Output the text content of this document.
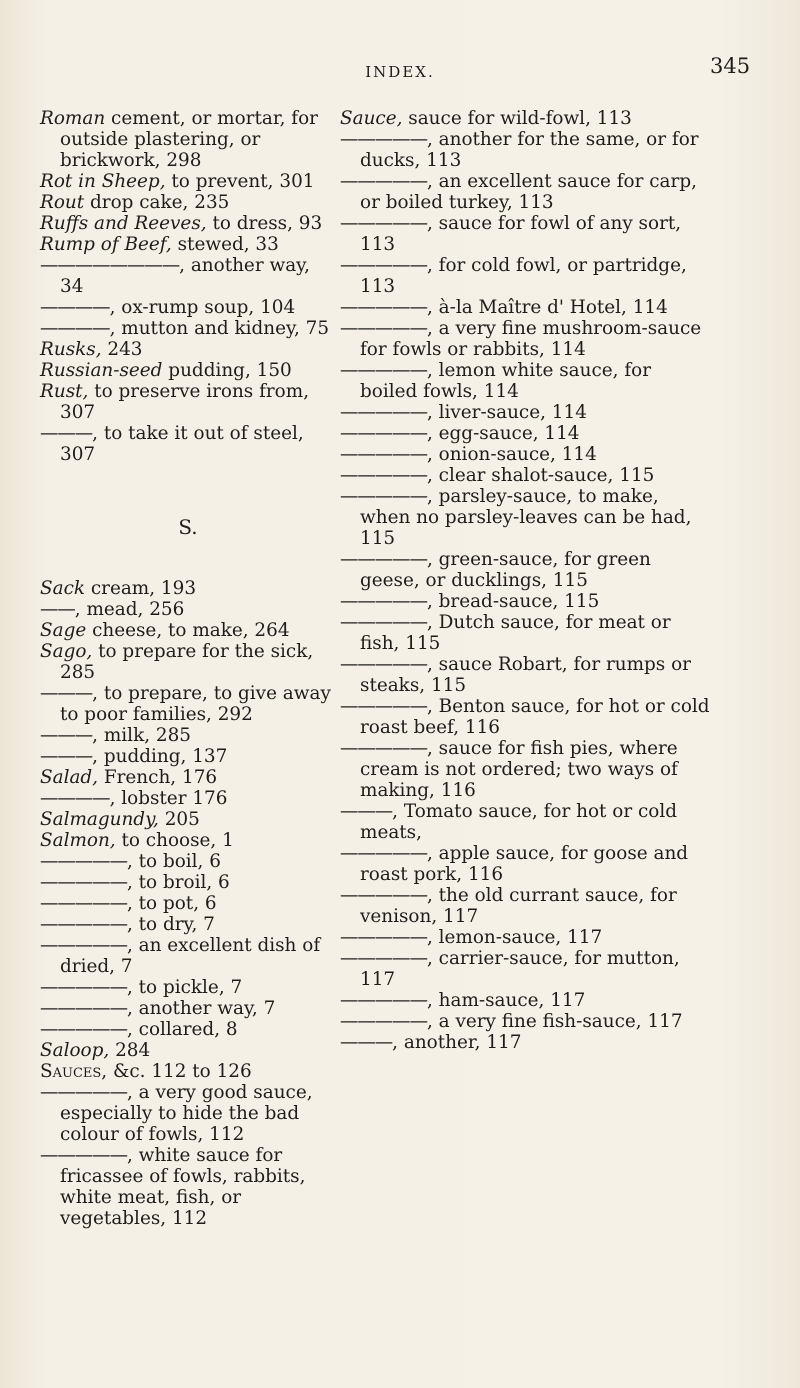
INDEX.	345

Roman cement, or mortar, for outside plastering, or brickwork, 298

Rot in Sheep, to prevent, 301

Rout drop cake, 235

Ruffs and Reeves, to dress, 93

Rump of Beef, stewed, 33

————————, another way, 34

————, ox-rump soup, 104

————, mutton and kidney, 75

Rusks, 243

Russian-seed pudding, 150

Rust, to preserve irons from, 307

———, to take it out of steel, 307

S.

Sack cream, 193

——, mead, 256

Sage cheese, to make, 264

Sago, to prepare for the sick, 285

———, to prepare, to give away to poor families, 292

———, milk, 285

———, pudding, 137

Salad, French, 176

————, lobster 176

Salmagundy, 205

Salmon, to choose, 1

—————, to boil, 6

—————, to broil, 6

—————, to pot, 6

—————, to dry, 7

—————, an excellent dish of dried, 7

—————, to pickle, 7

—————, another way, 7

—————, collared, 8

Saloop, 284

Sauces, &c. 112 to 126

—————, a very good sauce, especially to hide the bad colour of fowls, 112

—————, white sauce for fricassee of fowls, rabbits, white meat, fish, or vegetables, 112

Sauce, sauce for wild-fowl, 113

—————, another for the same, or for ducks, 113

—————, an excellent sauce for carp, or boiled turkey, 113

—————, sauce for fowl of any sort, 113

—————, for cold fowl, or partridge, 113

—————, à-la Maître d' Hotel, 114

—————, a very fine mushroom-sauce for fowls or rabbits, 114

—————, lemon white sauce, for boiled fowls, 114

—————, liver-sauce, 114

—————, egg-sauce, 114

—————, onion-sauce, 114

—————, clear shalot-sauce, 115

—————, parsley-sauce, to make, when no parsley-leaves can be had, 115

—————, green-sauce, for green geese, or ducklings, 115

—————, bread-sauce, 115

—————, Dutch sauce, for meat or fish, 115

—————, sauce Robart, for rumps or steaks, 115

—————, Benton sauce, for hot or cold roast beef, 116

—————, sauce for fish pies, where cream is not ordered; two ways of making, 116

———, Tomato sauce, for hot or cold meats,

—————, apple sauce, for goose and roast pork, 116

—————, the old currant sauce, for venison, 117

—————, lemon-sauce, 117

—————, carrier-sauce, for mutton, 117

—————, ham-sauce, 117

—————, a very fine fish-sauce, 117

———, another, 117
